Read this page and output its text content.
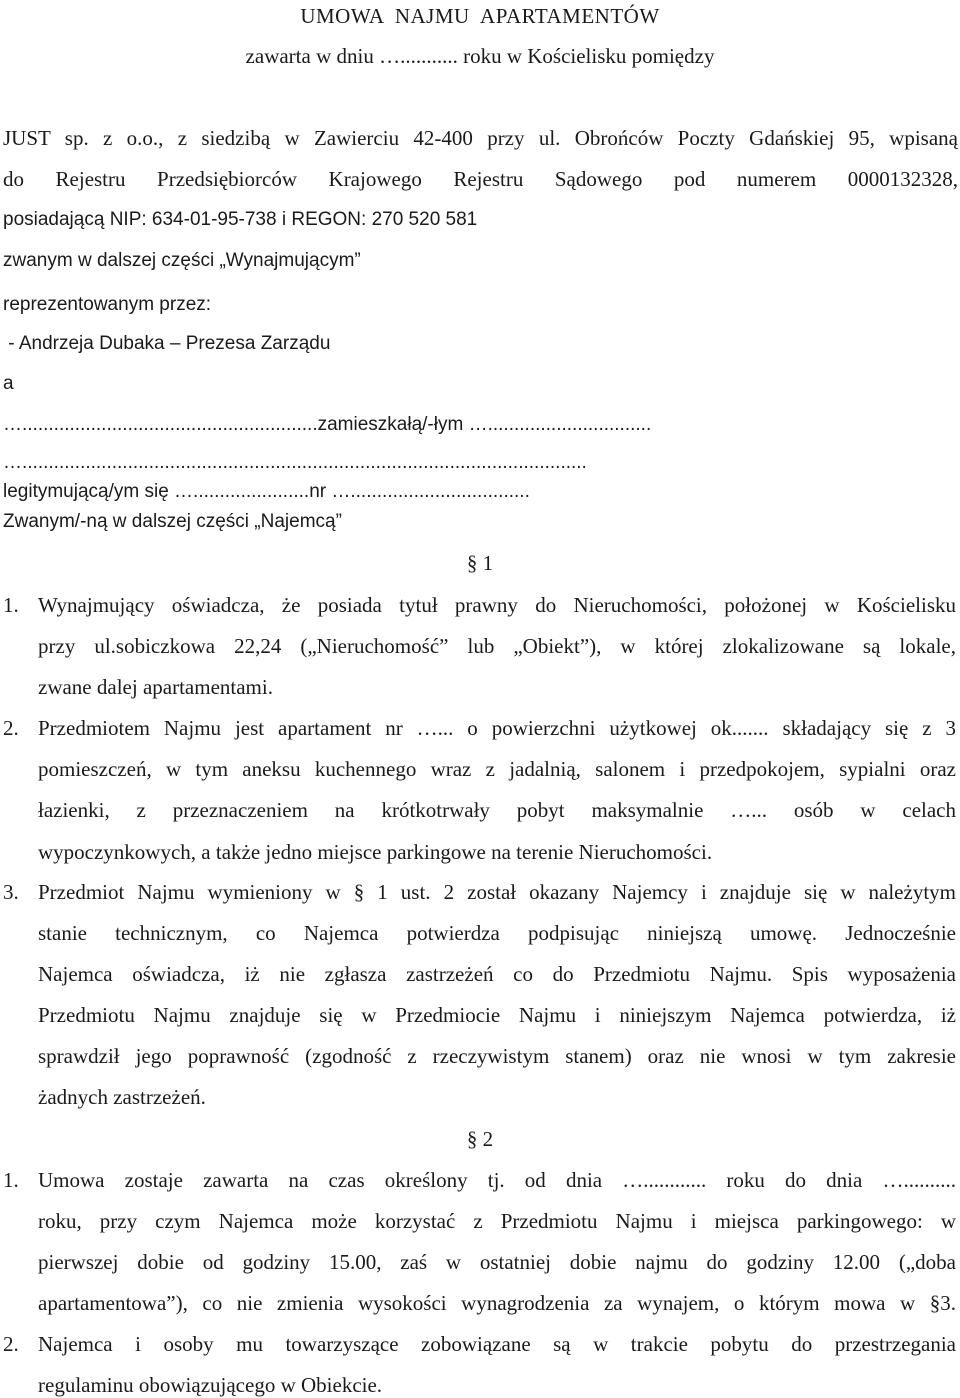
UMOWA  NAJMU  APARTAMENTÓW
zawarta w dniu …........... roku w Kościelisku pomiędzy
JUST sp. z o.o., z siedzibą w Zawierciu 42-400 przy ul. Obrońców Poczty Gdańskiej 95, wpisaną
do Rejestru Przedsiębiorców Krajowego Rejestru Sądowego pod numerem 0000132328,
posiadającą NIP: 634-01-95-738 i REGON: 270 520 581
zwanym w dalszej części „Wynajmującym”
reprezentowanym przez:
- Andrzeja Dubaka – Prezesa Zarządu
a
…........................................................zamieszkałą/-łym …...............................
…...........................................................................................................
legitymującą/ym się …......................nr …..................................
Zwanym/-ną w dalszej części „Najemcą”
§ 1
1. Wynajmujący oświadcza, że posiada tytuł prawny do Nieruchomości, położonej w Kościelisku
przy ul.sobiczkowa 22,24 („Nieruchomość” lub „Obiekt”), w której zlokalizowane są lokale,
zwane dalej apartamentami.
2. Przedmiotem Najmu jest apartament nr …... o powierzchni użytkowej ok....... składający się z 3
pomieszczeń, w tym aneksu kuchennego wraz z jadalnią, salonem i przedpokojem, sypialni oraz
łazienki, z przeznaczeniem na krótkotrwały pobyt maksymalnie …... osób w celach
wypoczynkowych, a także jedno miejsce parkingowe na terenie Nieruchomości.
3. Przedmiot Najmu wymieniony w § 1 ust. 2 został okazany Najemcy i znajduje się w należytym
stanie technicznym, co Najemca potwierdza podpisując niniejszą umowę. Jednocześnie
Najemca oświadcza, iż nie zgłasza zastrzeżeń co do Przedmiotu Najmu. Spis wyposażenia
Przedmiotu Najmu znajduje się w Przedmiocie Najmu i niniejszym Najemca potwierdza, iż
sprawdził jego poprawność (zgodność z rzeczywistym stanem) oraz nie wnosi w tym zakresie
żadnych zastrzeżeń.
§ 2
1. Umowa zostaje zawarta na czas określony tj. od dnia …............ roku do dnia …..........
roku, przy czym Najemca może korzystać z Przedmiotu Najmu i miejsca parkingowego: w
pierwszej dobie od godziny 15.00, zaś w ostatniej dobie najmu do godziny 12.00 („doba
apartamentowa”), co nie zmienia wysokości wynagrodzenia za wynajem, o którym mowa w §3.
2. Najemca i osoby mu towarzyszące zobowiązane są w trakcie pobytu do przestrzegania
regulaminu obowiązującego w Obiekcie.
